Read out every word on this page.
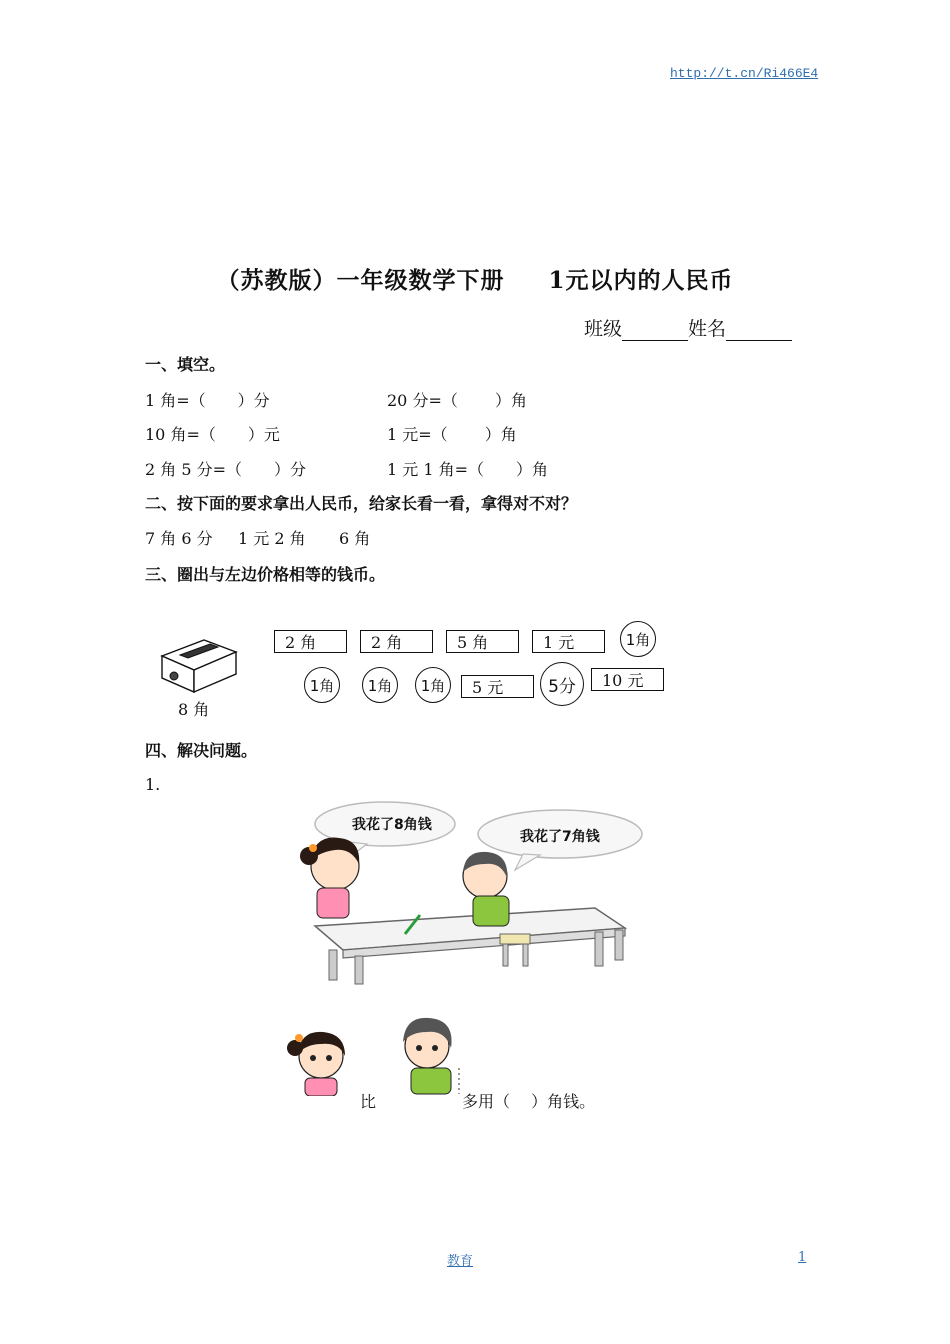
http://t.cn/Ri466E4
（苏教版）一年级数学下册 1元以内的人民币
班级	姓名
一、填空。
1 角=（　　）分	20 分=（　　 ）角
10 角=（　　）元	1 元=（　　 ）角
2 角 5 分=（　　）分	1 元 1 角=（　　）角
二、按下面的要求拿出人民币，给家长看一看，拿得对不对？
7 角 6 分 1 元 2 角 6 角
三、圈出与左边价格相等的钱币。
8 角
2 角	2 角	5 角	1 元	1角
1角	1角	1角	5 元	5分	10 元
四、解决问题。
1.
我花了8角钱
我花了7角钱
比	多用（　 ）角钱。
教育	1
